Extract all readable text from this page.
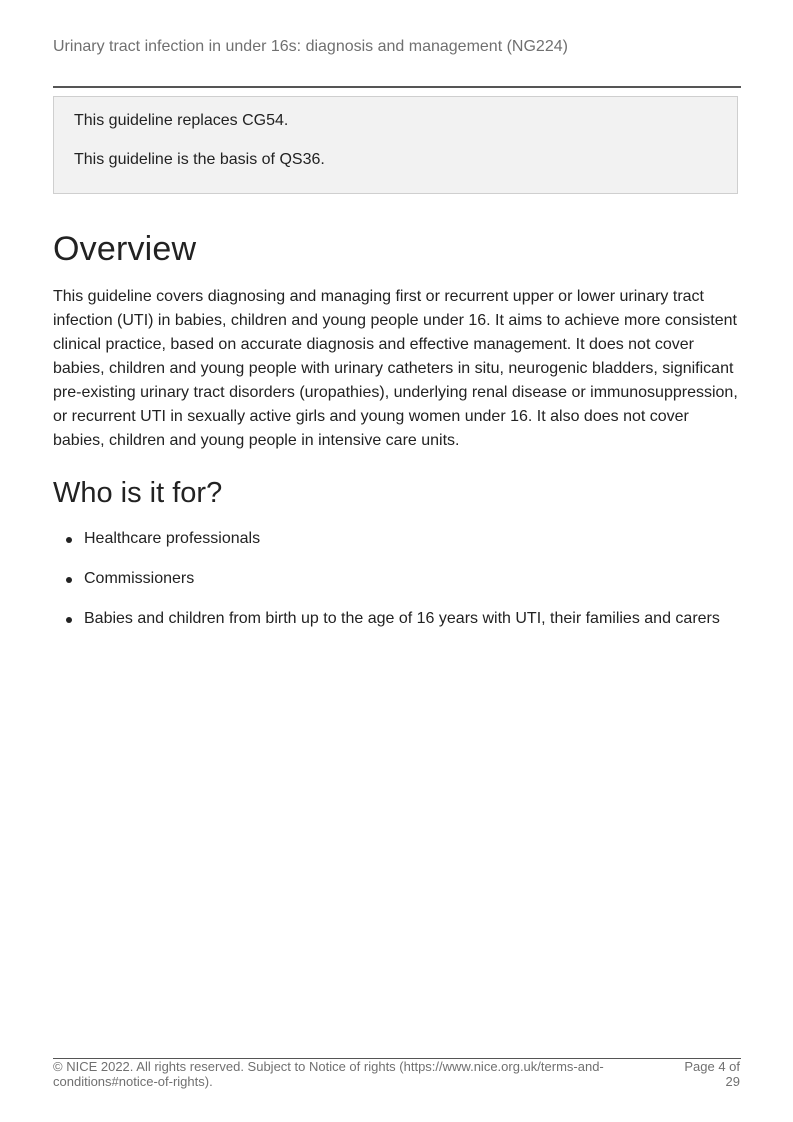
Urinary tract infection in under 16s: diagnosis and management (NG224)

This guideline replaces CG54.

This guideline is the basis of QS36.

Overview

This guideline covers diagnosing and managing first or recurrent upper or lower urinary tract infection (UTI) in babies, children and young people under 16. It aims to achieve more consistent clinical practice, based on accurate diagnosis and effective management. It does not cover babies, children and young people with urinary catheters in situ, neurogenic bladders, significant pre-existing urinary tract disorders (uropathies), underlying renal disease or immunosuppression, or recurrent UTI in sexually active girls and young women under 16. It also does not cover babies, children and young people in intensive care units.

Who is it for?
Healthcare professionals
Commissioners
Babies and children from birth up to the age of 16 years with UTI, their families and carers
© NICE 2022. All rights reserved. Subject to Notice of rights (https://www.nice.org.uk/terms-and-conditions#notice-of-rights).
Page 4 of 29
